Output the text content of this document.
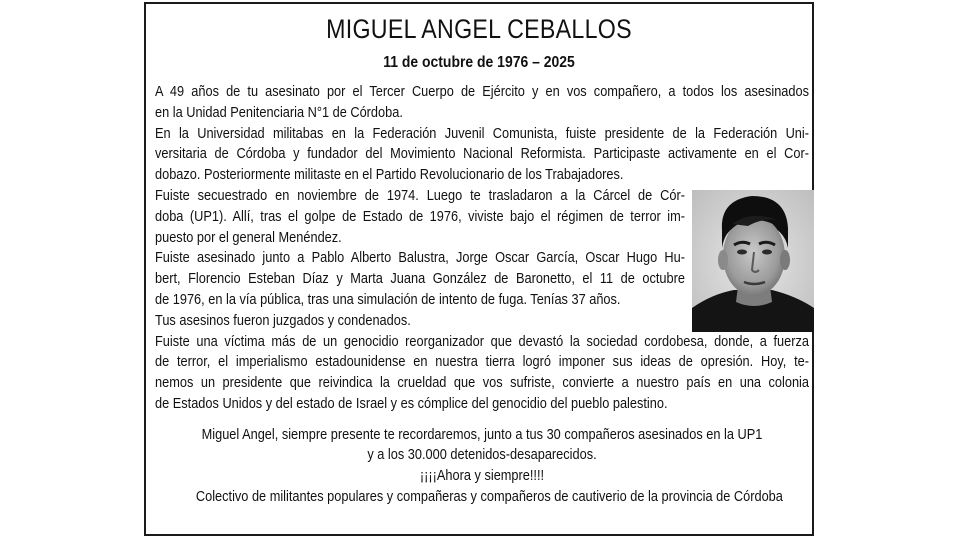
MIGUEL ANGEL CEBALLOS
11 de octubre de 1976 – 2025
A 49 años de tu asesinato por el Tercer Cuerpo de Ejército y en vos compañero, a todos los asesinados
en la Unidad Penitenciaria N°1 de Córdoba.
En la Universidad militabas en la Federación Juvenil Comunista, fuiste presidente de la Federación Uni-
versitaria de Córdoba y fundador del Movimiento Nacional Reformista. Participaste activamente en el Cor-
dobazo. Posteriormente militaste en el Partido Revolucionario de los Trabajadores.
Fuiste secuestrado en noviembre de 1974. Luego te trasladaron a la Cárcel de Cór-
doba (UP1). Allí, tras el golpe de Estado de 1976, viviste bajo el régimen de terror im-
puesto por el general Menéndez.
Fuiste asesinado junto a Pablo Alberto Balustra, Jorge Oscar García, Oscar Hugo Hu-
bert, Florencio Esteban Díaz y Marta Juana González de Baronetto, el 11 de octubre
de 1976, en la vía pública, tras una simulación de intento de fuga. Tenías 37 años.
Tus asesinos fueron juzgados y condenados.
Fuiste una víctima más de un genocidio reorganizador que devastó la sociedad cordobesa, donde, a fuerza
de terror, el imperialismo estadounidense en nuestra tierra logró imponer sus ideas de opresión. Hoy, te-
nemos un presidente que reivindica la crueldad que vos sufriste, convierte a nuestro país en una colonia
de Estados Unidos y del estado de Israel y es cómplice del genocidio del pueblo palestino.
Miguel Angel, siempre presente te recordaremos, junto a tus 30 compañeros asesinados en la UP1
y a los 30.000 detenidos-desaparecidos.
¡¡¡¡Ahora y siempre!!!!
Colectivo de militantes populares y compañeras y compañeros de cautiverio de la provincia de Córdoba
